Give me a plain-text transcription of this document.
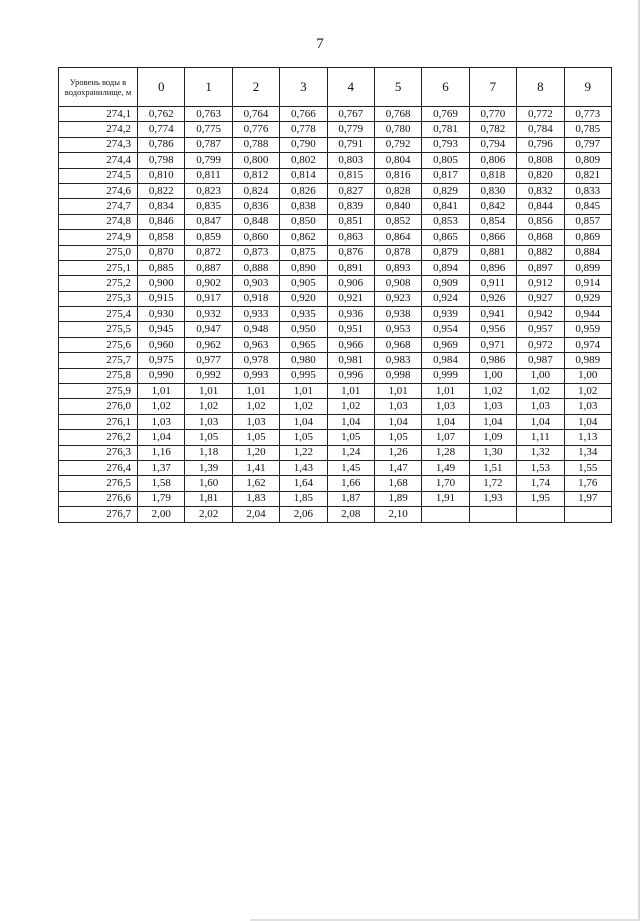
7
Уровень воды в водохранилище, м	0	1	2	3	4	5	6	7	8	9
274,1	0,762	0,763	0,764	0,766	0,767	0,768	0,769	0,770	0,772	0,773
274,2	0,774	0,775	0,776	0,778	0,779	0,780	0,781	0,782	0,784	0,785
274,3	0,786	0,787	0,788	0,790	0,791	0,792	0,793	0,794	0,796	0,797
274,4	0,798	0,799	0,800	0,802	0,803	0,804	0,805	0,806	0,808	0,809
274,5	0,810	0,811	0,812	0,814	0,815	0,816	0,817	0,818	0,820	0,821
274,6	0,822	0,823	0,824	0,826	0,827	0,828	0,829	0,830	0,832	0,833
274,7	0,834	0,835	0,836	0,838	0,839	0,840	0,841	0,842	0,844	0,845
274,8	0,846	0,847	0,848	0,850	0,851	0,852	0,853	0,854	0,856	0,857
274,9	0,858	0,859	0,860	0,862	0,863	0,864	0,865	0,866	0,868	0,869
275,0	0,870	0,872	0,873	0,875	0,876	0,878	0,879	0,881	0,882	0,884
275,1	0,885	0,887	0,888	0,890	0,891	0,893	0,894	0,896	0,897	0,899
275,2	0,900	0,902	0,903	0,905	0,906	0,908	0,909	0,911	0,912	0,914
275,3	0,915	0,917	0,918	0,920	0,921	0,923	0,924	0,926	0,927	0,929
275,4	0,930	0,932	0,933	0,935	0,936	0,938	0,939	0,941	0,942	0,944
275,5	0,945	0,947	0,948	0,950	0,951	0,953	0,954	0,956	0,957	0,959
275,6	0,960	0,962	0,963	0,965	0,966	0,968	0,969	0,971	0,972	0,974
275,7	0,975	0,977	0,978	0,980	0,981	0,983	0,984	0,986	0,987	0,989
275,8	0,990	0,992	0,993	0,995	0,996	0,998	0,999	1,00	1,00	1,00
275,9	1,01	1,01	1,01	1,01	1,01	1,01	1,01	1,02	1,02	1,02
276,0	1,02	1,02	1,02	1,02	1,02	1,03	1,03	1,03	1,03	1,03
276,1	1,03	1,03	1,03	1,04	1,04	1,04	1,04	1,04	1,04	1,04
276,2	1,04	1,05	1,05	1,05	1,05	1,05	1,07	1,09	1,11	1,13
276,3	1,16	1,18	1,20	1,22	1,24	1,26	1,28	1,30	1,32	1,34
276,4	1,37	1,39	1,41	1,43	1,45	1,47	1,49	1,51	1,53	1,55
276,5	1,58	1,60	1,62	1,64	1,66	1,68	1,70	1,72	1,74	1,76
276,6	1,79	1,81	1,83	1,85	1,87	1,89	1,91	1,93	1,95	1,97
276,7	2,00	2,02	2,04	2,06	2,08	2,10				
